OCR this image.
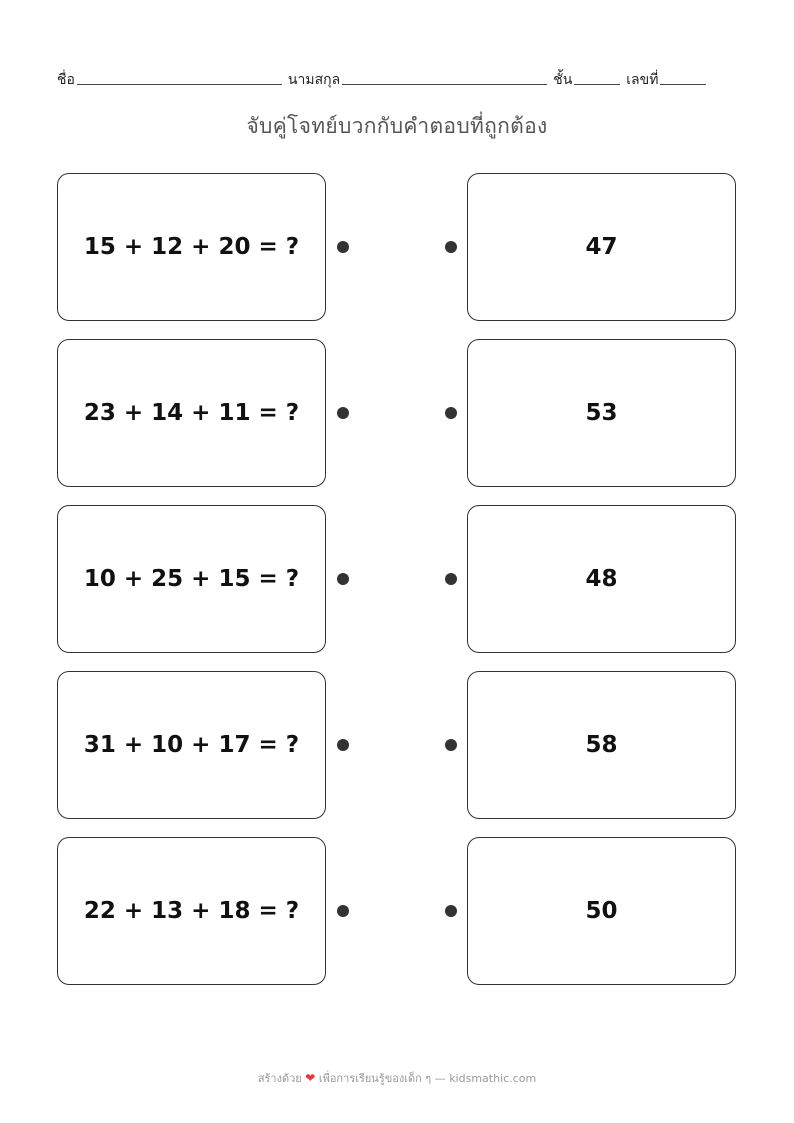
ชื่อ	นามสกุล	ชั้น	เลขที่
จับคู่โจทย์บวกกับคำตอบที่ถูกต้อง
15 + 12 + 20 = ?	47
23 + 14 + 11 = ?	53
10 + 25 + 15 = ?	48
31 + 10 + 17 = ?	58
22 + 13 + 18 = ?	50
สร้างด้วย ❤ เพื่อการเรียนรู้ของเด็ก ๆ — kidsmathic.com
